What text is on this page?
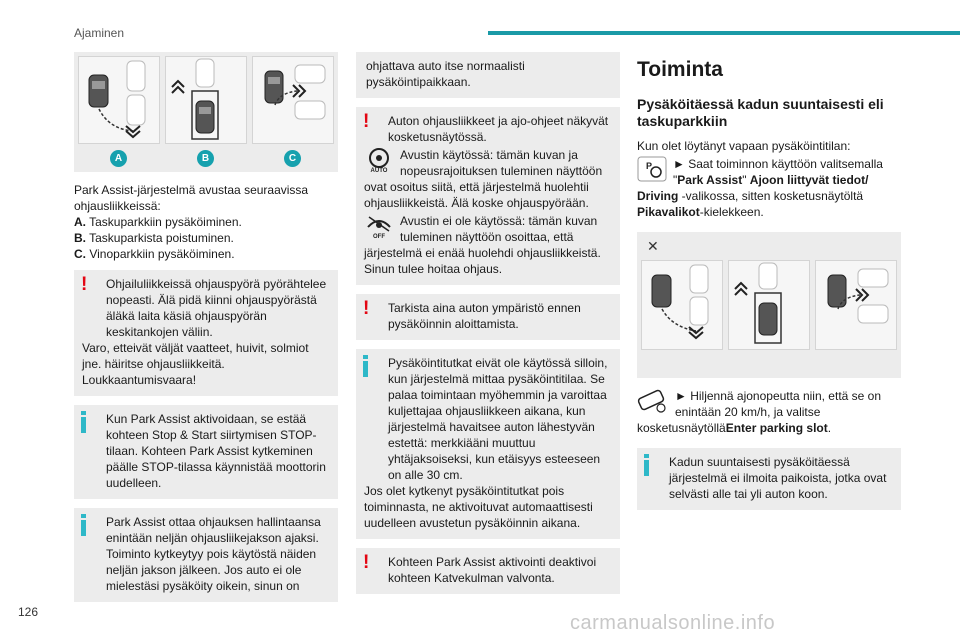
Ajaminen
A	B	C

Park Assist-järjestelmä avustaa seuraavissa ohjausliikkeissä:

A. Taskuparkkiin pysäköiminen.

B. Taskuparkista poistuminen.

C. Vinoparkkiin pysäköiminen.

!	Ohjailuliikkeissä ohjauspyörä pyörähtelee nopeasti. Älä pidä kiinni ohjauspyörästä äläkä laita käsiä ohjauspyörän keskitankojen väliin.
Varo, etteivät väljät vaatteet, huivit, solmiot jne. häiritse ohjausliikkeitä. Loukkaantumisvaara!
Kun Park Assist aktivoidaan, se estää kohteen Stop & Start siirtymisen STOP-tilaan. Kohteen Park Assist kytkeminen päälle STOP-tilassa käynnistää moottorin uudelleen.
Park Assist ottaa ohjauksen hallintaansa enintään neljän ohjausliikejakson ajaksi. Toiminto kytkeytyy pois käytöstä näiden neljän jakson jälkeen. Jos auto ei ole mielestäsi pysäköity oikein, sinun on
ohjattava auto itse normaalisti pysäköintipaikkaan.
!	Auton ohjausliikkeet ja ajo-ohjeet näkyvät kosketusnäytössä.
AUTO
Avustin käytössä: tämän kuvan ja nopeusrajoituksen tuleminen näyttöön ovat osoitus siitä, että järjestelmä huolehtii ohjausliikkeistä. Älä koske ohjauspyörään.
OFF
Avustin ei ole käytössä: tämän kuvan tuleminen näyttöön osoittaa, että järjestelmä ei enää huolehdi ohjausliikkeistä. Sinun tulee hoitaa ohjaus.
!	Tarkista aina auton ympäristö ennen pysäköinnin aloittamista.
Pysäköintitutkat eivät ole käytössä silloin, kun järjestelmä mittaa pysäköintitilaa. Se palaa toimintaan myöhemmin ja varoittaa kuljettajaa ohjausliikkeen aikana, kun järjestelmä havaitsee auton lähestyvän estettä: merkkiääni muuttuu yhtäjaksoiseksi, kun etäisyys esteeseen on alle 30 cm.
Jos olet kytkenyt pysäköintitutkat pois toiminnasta, ne aktivoituvat automaattisesti uudelleen avustetun pysäköinnin aikana.
!	Kohteen Park Assist aktivointi deaktivoi kohteen Katvekulman valvonta.
Toiminta
Pysäköitäessä kadun suuntaisesti eli taskuparkkiin

Kun olet löytänyt vapaan pysäköintitilan:

P ► Saat toiminnon käyttöön valitsemalla "Park Assist" Ajoon liittyvät tiedot/ Driving -valikossa, sitten kosketusnäytöltä Pikavalikot-kielekkeen.
✕
► Hiljennä ajonopeutta niin, että se on enintään 20 km/h, ja valitse kosketusnäytölläEnter parking slot.
Kadun suuntaisesti pysäköitäessä järjestelmä ei ilmoita paikoista, jotka ovat selvästi alle tai yli auton koon.
126	carmanualsonline.info
